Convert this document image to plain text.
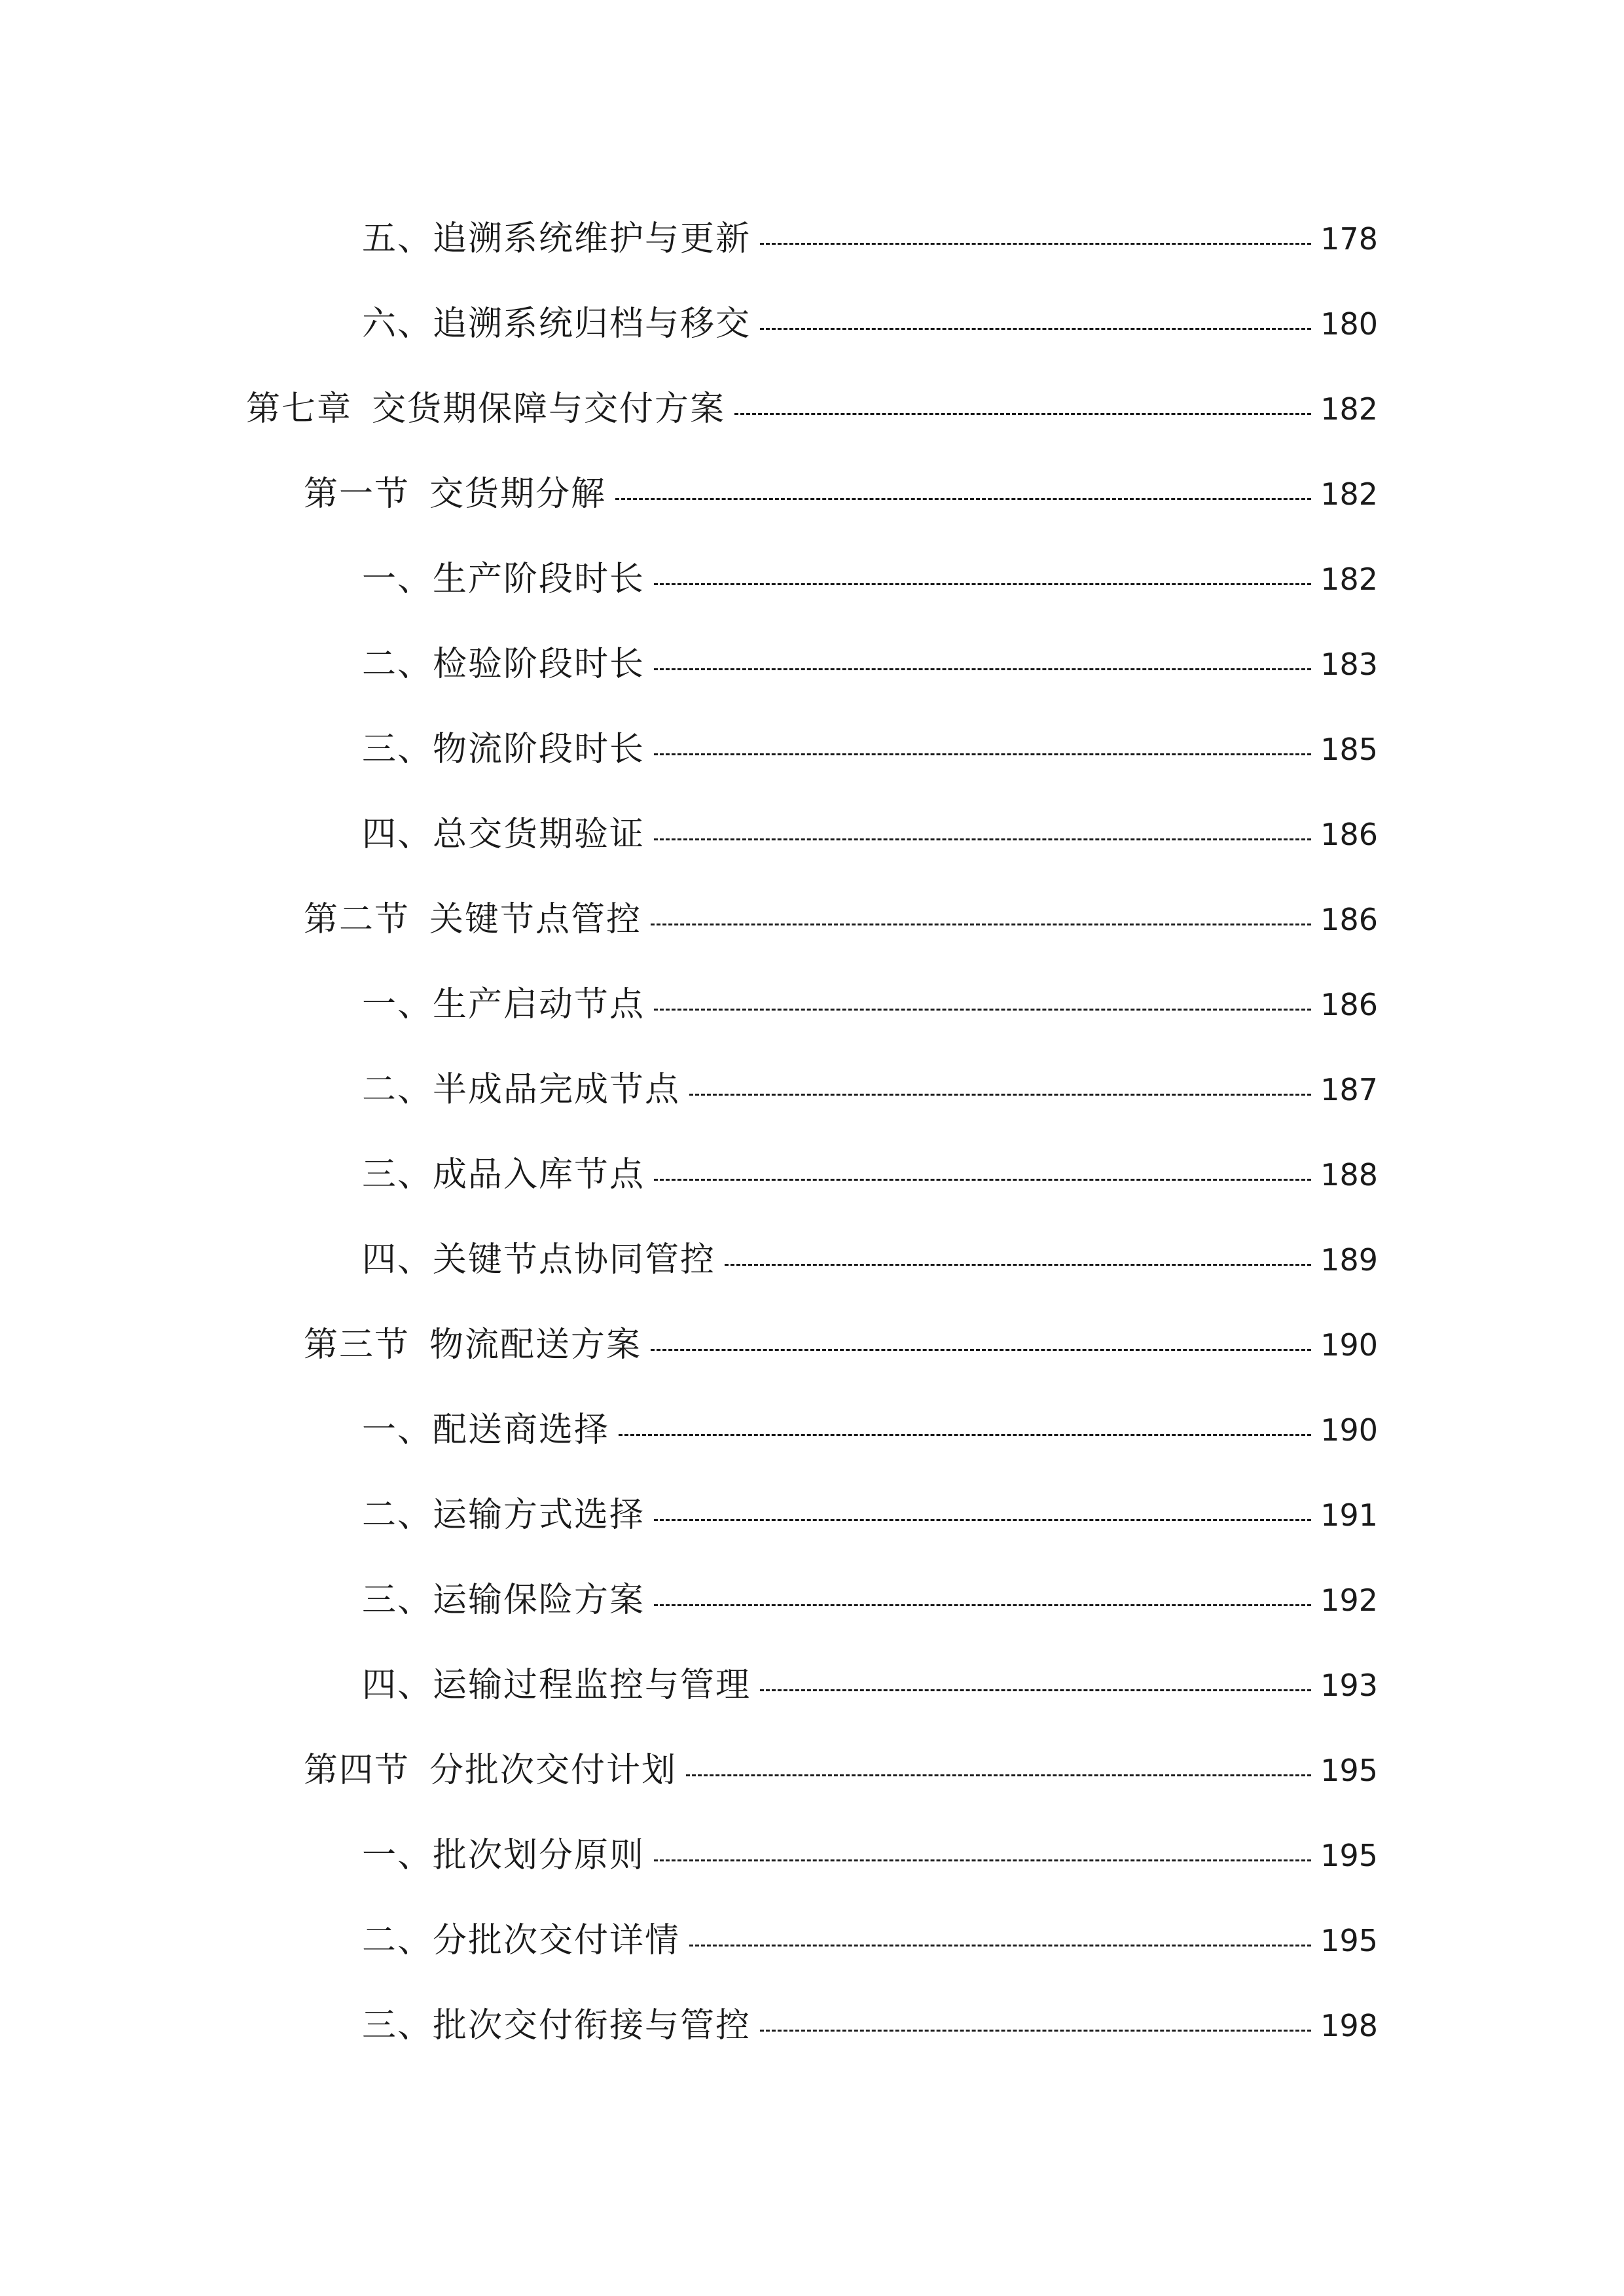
五、追溯系统维护与更新	178
六、追溯系统归档与移交	180
第七章 交货期保障与交付方案	182
第一节 交货期分解	182
一、生产阶段时长	182
二、检验阶段时长	183
三、物流阶段时长	185
四、总交货期验证	186
第二节 关键节点管控	186
一、生产启动节点	186
二、半成品完成节点	187
三、成品入库节点	188
四、关键节点协同管控	189
第三节 物流配送方案	190
一、配送商选择	190
二、运输方式选择	191
三、运输保险方案	192
四、运输过程监控与管理	193
第四节 分批次交付计划	195
一、批次划分原则	195
二、分批次交付详情	195
三、批次交付衔接与管控	198
